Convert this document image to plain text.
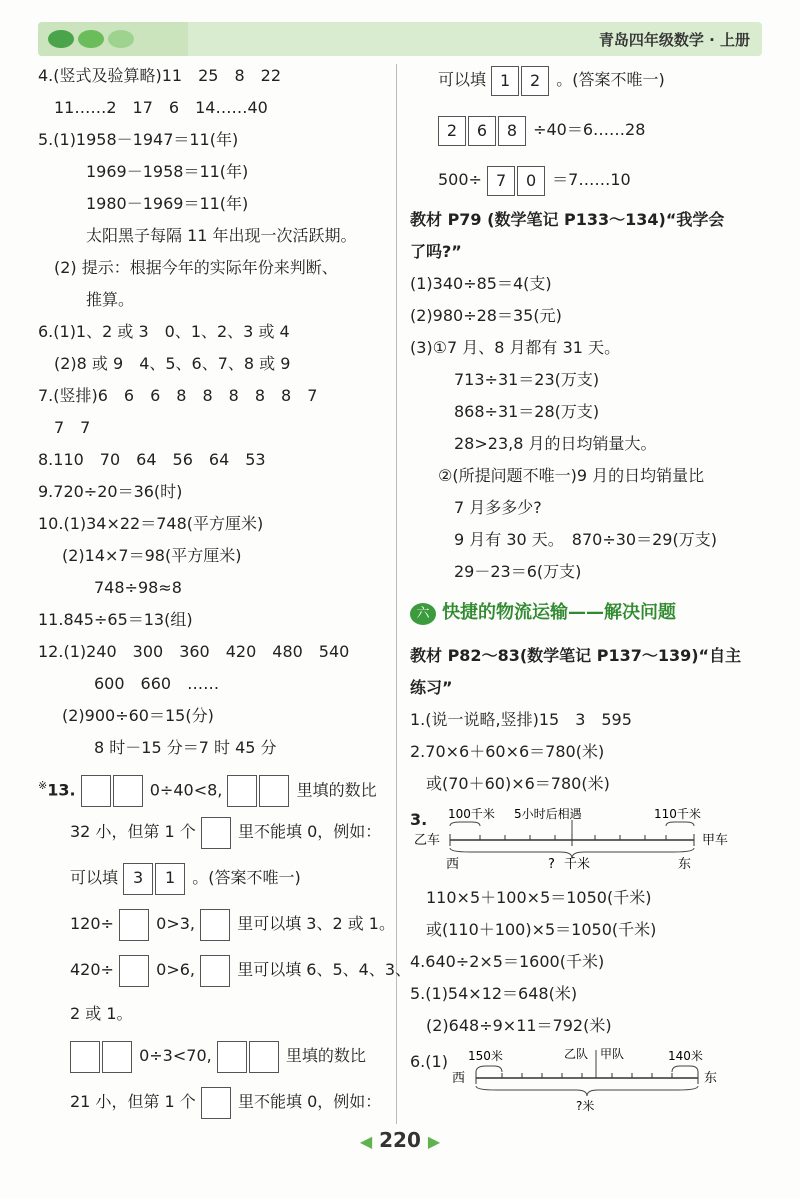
青岛四年级数学 · 上册
4.(竖式及验算略)11　25　8　22
11……2　17　6　14……40
5.(1)1958－1947＝11(年)
1969－1958＝11(年)
1980－1969＝11(年)
太阳黑子每隔 11 年出现一次活跃期。
(2) 提示：根据今年的实际年份来判断、
推算。
6.(1)1、2 或 3　0、1、2、3 或 4
(2)8 或 9　4、5、6、7、8 或 9
7.(竖排)6　6　6　8　8　8　8　8　7
7　7
8.110　70　64　56　64　53
9.720÷20＝36(时)
10.(1)34×22＝748(平方厘米)
(2)14×7＝98(平方厘米)
748÷98≈8
11.845÷65＝13(组)
12.(1)240　300　360　420　480　540
600　660　……
(2)900÷60＝15(分)
8 时－15 分＝7 时 45 分
※13.	0÷40<8,	里填的数比
32 小，但第 1 个	里不能填 0，例如：
可以填 3 1 。(答案不唯一)
120÷	0>3,	里可以填 3、2 或 1。
420÷	0>6,	里可以填 6、5、4、3、
2 或 1。
0÷3<70,	里填的数比
21 小，但第 1 个	里不能填 0，例如：
可以填 1 2 。(答案不唯一)
2 6 8 ÷40＝6……28
500÷ 7 0 ＝7……10
教材 P79 (数学笔记 P133～134)“我学会
了吗?”
(1)340÷85＝4(支)
(2)980÷28＝35(元)
(3)①7 月、8 月都有 31 天。
713÷31＝23(万支)
868÷31＝28(万支)
28>23,8 月的日均销量大。
②(所提问题不唯一)9 月的日均销量比
7 月多多少?
9 月有 30 天。　870÷30＝29(万支)
29－23＝6(万支)
六 快捷的物流运输——解决问题
教材 P82～83(数学笔记 P137～139)“自主
练习”
1.(说一说略,竖排)15　3　595
2.70×6＋60×6＝780(米)
或(70＋60)×6＝780(米)
3. 100千米 5小时后相遇	110千米
乙车	甲车
西	? 千米	东
110×5＋100×5＝1050(千米)
或(110＋100)×5＝1050(千米)
4.640÷2×5＝1600(千米)
5.(1)54×12＝648(米)
(2)648÷9×11＝792(米)
6.(1) 150米	乙队 甲队	140米
西	东
?米
◀ 220 ▶
